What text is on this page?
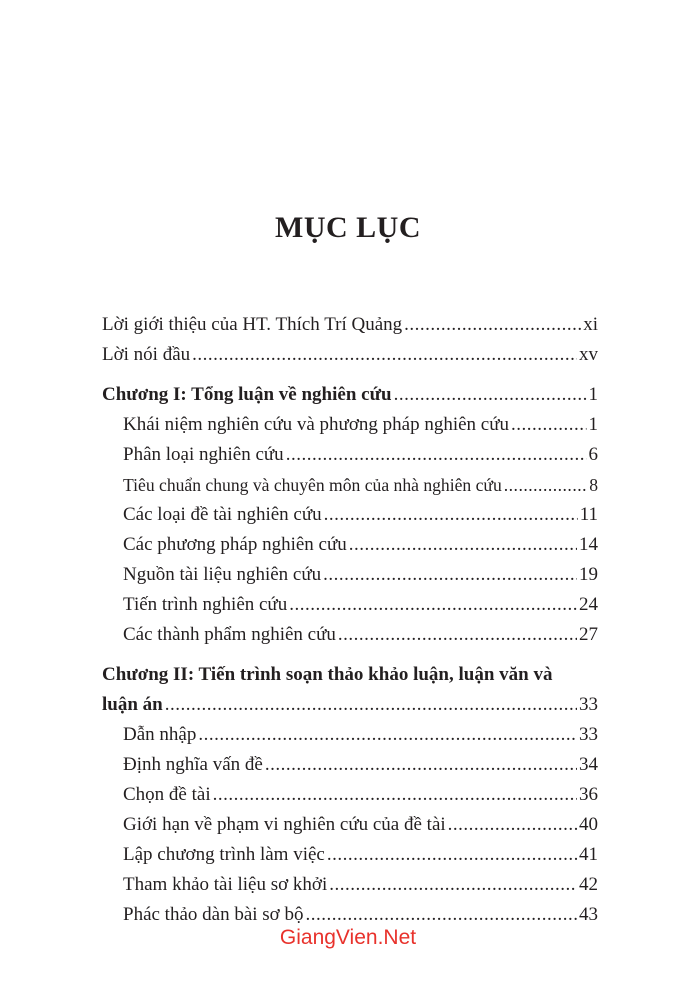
MỤC LỤC
Lời giới thiệu của HT. Thích Trí Quảng .....	xi
Lời nói đầu .....	xv
Chương I: Tổng luận về nghiên cứu .....	1
Khái niệm nghiên cứu và phương pháp nghiên cứu .....	1
Phân loại nghiên cứu .....	6
Tiêu chuẩn chung và chuyên môn của nhà nghiên cứu .....	8
Các loại đề tài nghiên cứu .....	11
Các phương pháp nghiên cứu .....	14
Nguồn tài liệu nghiên cứu .....	19
Tiến trình nghiên cứu .....	24
Các thành phẩm nghiên cứu .....	27
Chương II: Tiến trình soạn thảo khảo luận, luận văn và
luận án .....	33
Dẫn nhập .....	33
Định nghĩa vấn đề .....	34
Chọn đề tài .....	36
Giới hạn về phạm vi nghiên cứu của đề tài .....	40
Lập chương trình làm việc .....	41
Tham khảo tài liệu sơ khởi .....	42
Phác thảo dàn bài sơ bộ .....	43
GiangVien.Net
